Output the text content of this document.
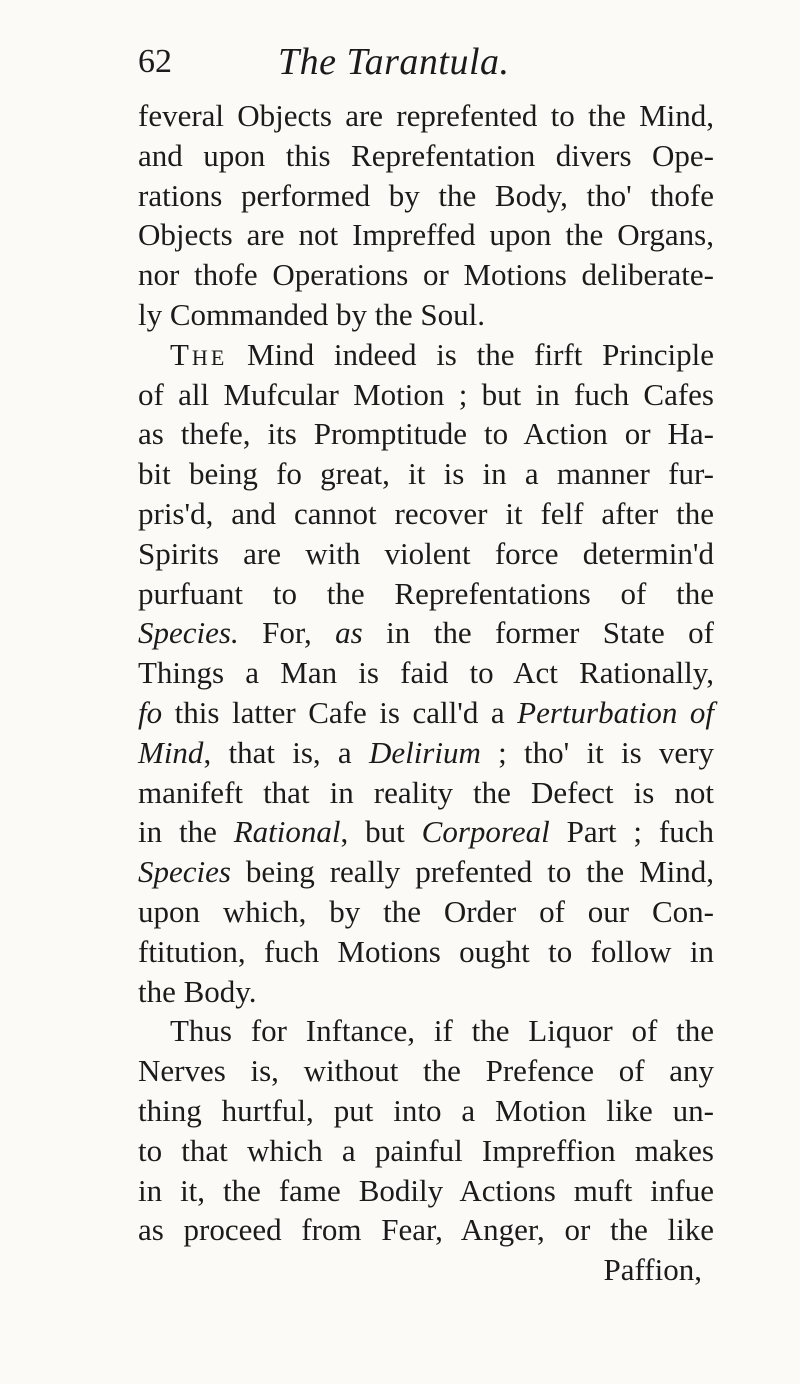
62	The Tarantula.
feveral Objects are reprefented to the Mind,
and upon this Reprefentation divers Ope-
rations performed by the Body, tho' thofe
Objects are not Impreffed upon the Organs,
nor thofe Operations or Motions deliberate-
ly Commanded by the Soul.
The Mind indeed is the firft Principle
of all Mufcular Motion ; but in fuch Cafes
as thefe, its Promptitude to Action or Ha-
bit being fo great, it is in a manner fur-
pris'd, and cannot recover it felf after the
Spirits are with violent force determin'd
purfuant to the Reprefentations of the
Species. For, as in the former State of
Things a Man is faid to Act Rationally,
fo this latter Cafe is call'd a Perturbation of
Mind, that is, a Delirium ; tho' it is very
manifeft that in reality the Defect is not
in the Rational, but Corporeal Part ; fuch
Species being really prefented to the Mind,
upon which, by the Order of our Con-
ftitution, fuch Motions ought to follow in
the Body.
Thus for Inftance, if the Liquor of the
Nerves is, without the Prefence of any
thing hurtful, put into a Motion like un-
to that which a painful Impreffion makes
in it, the fame Bodily Actions muft infue
as proceed from Fear, Anger, or the like
Paffion,
